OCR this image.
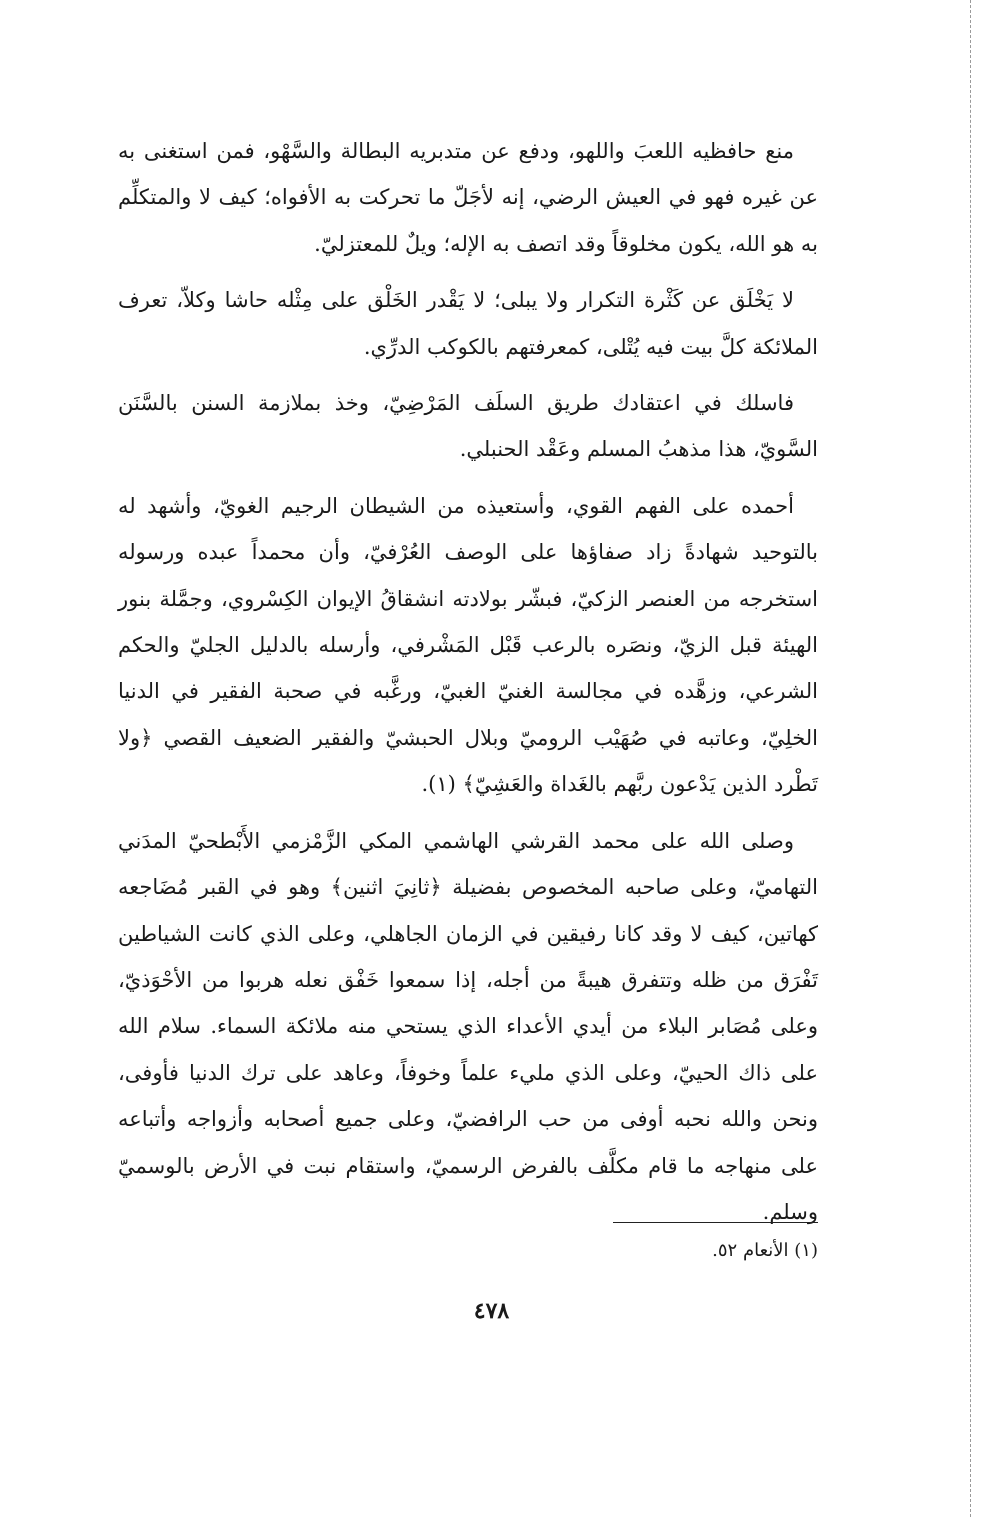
منع حافظيه اللعبَ واللهو، ودفع عن متدبريه البطالة والسَّهْو، فمن استغنى به عن غيره فهو في العيش الرضي، إنه لأجَلّ ما تحركت به الأفواه؛ كيف لا والمتكلِّم به هو الله، يكون مخلوقاً وقد اتصف به الإله؛ ويلٌ للمعتزليّ.

لا يَخْلَق عن كَثْرة التكرار ولا يبلى؛ لا يَقْدر الخَلْق على مِثْله حاشا وكلاّ، تعرف الملائكة كلَّ بيت فيه يُتْلى، كمعرفتهم بالكوكب الدرِّي.

فاسلك في اعتقادك طريق السلَف المَرْضِيّ، وخذ بملازمة السنن بالسَّنَن السَّويّ، هذا مذهبُ المسلم وعَقْد الحنبلي.

أحمده على الفهم القوي، وأستعيذه من الشيطان الرجيم الغويّ، وأشهد له بالتوحيد شهادةً زاد صفاؤها على الوصف العُرْفيّ، وأن محمداً عبده ورسوله استخرجه من العنصر الزكيّ، فبشّر بولادته انشقاقُ الإيوان الكِسْروي، وجمَّلة بنور الهيئة قبل الزيّ، ونصَره بالرعب قَبْل المَشْرفي، وأرسله بالدليل الجليّ والحكم الشرعي، وزهَّده في مجالسة الغنيّ الغبيّ، ورغَّبه في صحبة الفقير في الدنيا الخلِيّ، وعاتبه في صُهَيْب الروميّ وبلال الحبشيّ والفقير الضعيف القصي ﴿ولا تَطْرد الذين يَدْعون ربَّهم بالغَداة والعَشِيّ﴾ (١).

وصلى الله على محمد القرشي الهاشمي المكي الزَّمْزمي الأَبْطحيّ المدَني التهاميّ، وعلى صاحبه المخصوص بفضيلة ﴿ثانِيَ اثنين﴾ وهو في القبر مُضَاجعه كهاتين، كيف لا وقد كانا رفيقين في الزمان الجاهلي، وعلى الذي كانت الشياطين تَفْرَق من ظله وتتفرق هيبةً من أجله، إذا سمعوا خَفْق نعله هربوا من الأحْوَذيّ، وعلى مُصَابر البلاء من أيدي الأعداء الذي يستحي منه ملائكة السماء. سلام الله على ذاك الحييّ، وعلى الذي مليء علماً وخوفاً، وعاهد على ترك الدنيا فأوفى، ونحن والله نحبه أوفى من حب الرافضيّ، وعلى جميع أصحابه وأزواجه وأتباعه على منهاجه ما قام مكلَّف بالفرض الرسميّ، واستقام نبت في الأرض بالوسميّ وسلم.

(١) الأنعام ٥٢.
٤٧٨
